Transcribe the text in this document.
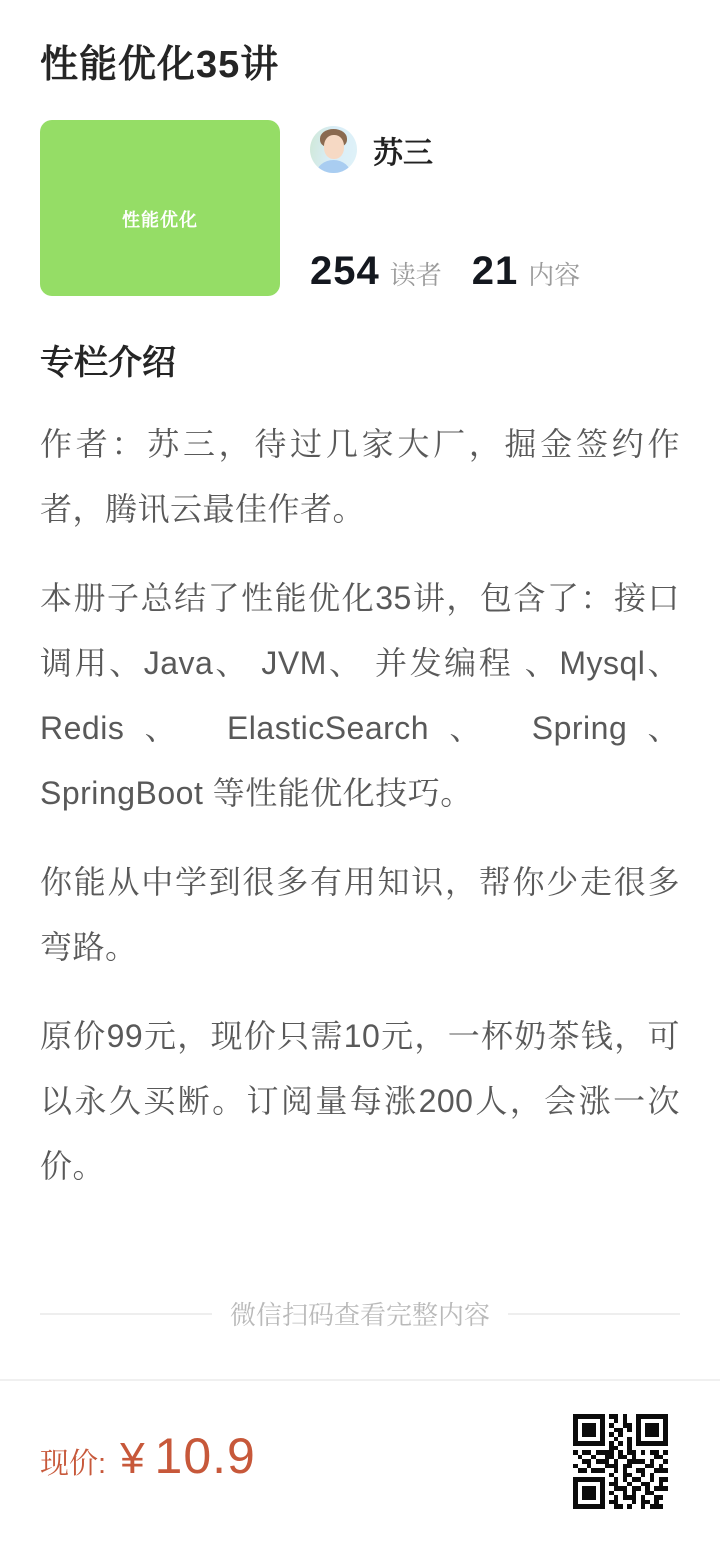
性能优化35讲
性能优化
苏三
254 读者 21 内容
专栏介绍

作者：苏三，待过几家大厂，掘金签约作者，腾讯云最佳作者。

本册子总结了性能优化35讲，包含了：接口调用、Java、 JVM、 并发编程 、Mysql、 Redis、 ElasticSearch、 Spring、 SpringBoot 等性能优化技巧。

你能从中学到很多有用知识，帮你少走很多弯路。

原价99元，现价只需10元，一杯奶茶钱，可以永久买断。订阅量每涨200人，会涨一次价。

微信扫码查看完整内容
现价: ¥ 10.9
